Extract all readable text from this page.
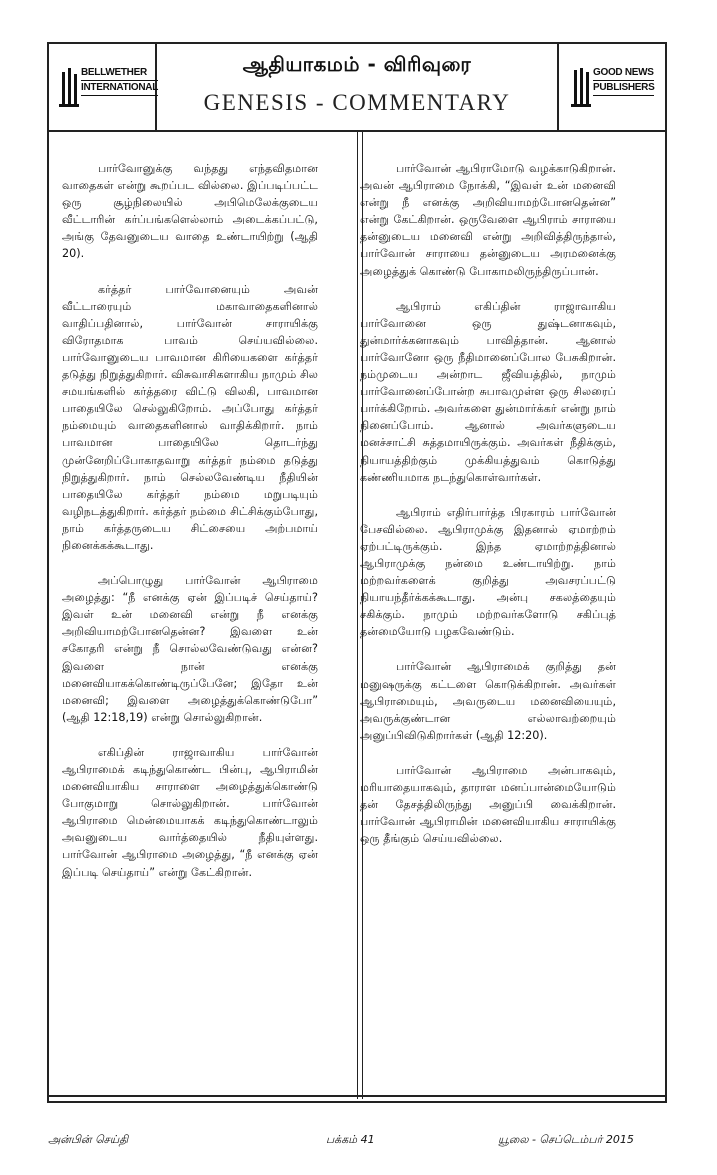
BELLWETHER
INTERNATIONAL
ஆதியாகமம் - விரிவுரை
GENESIS - COMMENTARY
GOOD NEWS
PUBLISHERS

பார்வோனுக்கு வந்தது எந்தவிதமான வாதைகள் என்று கூறப்பட வில்லை. இப்படிப்பட்ட ஒரு சூழ்நிலையில் அபிமெலேக்குடைய வீட்டாரின் கர்ப்பங்களெல்லாம் அடைக்கப்பட்டு, அங்கு தேவனுடைய வாதை உண்டாயிற்று (ஆதி 20).

கர்த்தர் பார்வோனையும் அவன் வீட்டாரையும் மகாவாதைகளினால் வாதிப்பதினால், பார்வோன் சாராயிக்கு விரோதமாக பாவம் செய்யவில்லை. பார்வோனுடைய பாவமான கிரியைகளை கர்த்தர் தடுத்து நிறுத்துகிறார். விசுவாசிகளாகிய நாமும் சில சமயங்களில் கர்த்தரை விட்டு விலகி, பாவமான பாதையிலே செல்லுகிறோம். அப்போது கர்த்தர் நம்மையும் வாதைகளினால் வாதிக்கிறார். நாம் பாவமான பாதையிலே தொடர்ந்து முன்னேறிப்போகாதவாறு கர்த்தர் நம்மை தடுத்து நிறுத்துகிறார். நாம் செல்லவேண்டிய நீதியின் பாதையிலே கர்த்தர் நம்மை மறுபடியும் வழிநடத்துகிறார். கர்த்தர் நம்மை சிட்சிக்கும்போது, நாம் கர்த்தருடைய சிட்சையை அற்பமாய் நினைக்கக்கூடாது.

அப்பொழுது பார்வோன் ஆபிராமை அழைத்து: “நீ எனக்கு ஏன் இப்படிச் செய்தாய்? இவள் உன் மனைவி என்று நீ எனக்கு அறிவியாமற்போனதென்ன? இவளை உன் சகோதரி என்று நீ சொல்லவேண்டுவது என்ன? இவளை நான் எனக்கு மனைவியாகக்கொண்டிருப்பேனே; இதோ உன் மனைவி; இவளை அழைத்துக்கொண்டுபோ” (ஆதி 12:18,19) என்று சொல்லுகிறான்.

எகிப்தின் ராஜாவாகிய பார்வோன் ஆபிராமைக் கடிந்துகொண்ட பின்பு, ஆபிராமின் மனைவியாகிய சாராளை அழைத்துக்கொண்டு போகுமாறு சொல்லுகிறான். பார்வோன் ஆபிராமை மென்மையாகக் கடிந்துகொண்டாலும் அவனுடைய வார்த்தையில் நீதியுள்ளது. பார்வோன் ஆபிராமை அழைத்து, “நீ எனக்கு ஏன் இப்படி செய்தாய்” என்று கேட்கிறான்.

பார்வோன் ஆபிராமோடு வழக்காடுகிறான். அவன் ஆபிராமை நோக்கி, “இவள் உன் மனைவி என்று நீ எனக்கு அறிவியாமற்போனதென்ன” என்று கேட்கிறான். ஒருவேளை ஆபிராம் சாராயை தன்னுடைய மனைவி என்று அறிவித்திருந்தால், பார்வோன் சாராயை தன்னுடைய அரமனைக்கு அழைத்துக் கொண்டு போகாமலிருந்திருப்பான்.

ஆபிராம் எகிப்தின் ராஜாவாகிய பார்வோனை ஒரு துஷ்டனாகவும், துன்மார்க்கனாகவும் பாவித்தான். ஆனால் பார்வோனோ ஒரு நீதிமானைப்போல பேசுகிறான். நம்முடைய அன்றாட ஜீவியத்தில், நாமும் பார்வோனைப்போன்ற சுபாவமுள்ள ஒரு சிலரைப் பார்க்கிறோம். அவர்களை துன்மார்க்கர் என்று நாம் நினைப்போம். ஆனால் அவர்களுடைய மனச்சாட்சி சுத்தமாயிருக்கும். அவர்கள் நீதிக்கும், நியாயத்திற்கும் முக்கியத்துவம் கொடுத்து கண்ணியமாக நடந்துகொள்வார்கள்.

ஆபிராம் எதிர்பார்த்த பிரகாரம் பார்வோன் பேசவில்லை. ஆபிராமுக்கு இதனால் ஏமாற்றம் ஏற்பட்டிருக்கும். இந்த ஏமாற்றத்தினால் ஆபிராமுக்கு நன்மை உண்டாயிற்று. நாம் மற்றவர்களைக் குறித்து அவசரப்பட்டு நியாயந்தீர்க்கக்கூடாது. அன்பு சகலத்தையும் சகிக்கும். நாமும் மற்றவர்களோடு சகிப்புத் தன்மையோடு பழகவேண்டும்.

பார்வோன் ஆபிராமைக் குறித்து தன் மனுஷருக்கு கட்டளை கொடுக்கிறான். அவர்கள் ஆபிராமையும், அவருடைய மனைவியையும், அவருக்குண்டான எல்லாவற்றையும் அனுப்பிவிடுகிறார்கள் (ஆதி 12:20).

பார்வோன் ஆபிராமை அன்பாகவும், மரியாதையாகவும், தாராள மனப்பான்மையோடும் தன் தேசத்திலிருந்து அனுப்பி வைக்கிறான். பார்வோன் ஆபிராமின் மனைவியாகிய சாராயிக்கு ஒரு தீங்கும் செய்யவில்லை.

அன்பின் செய்தி	பக்கம் 41	யூலை - செப்டெம்பர் 2015
